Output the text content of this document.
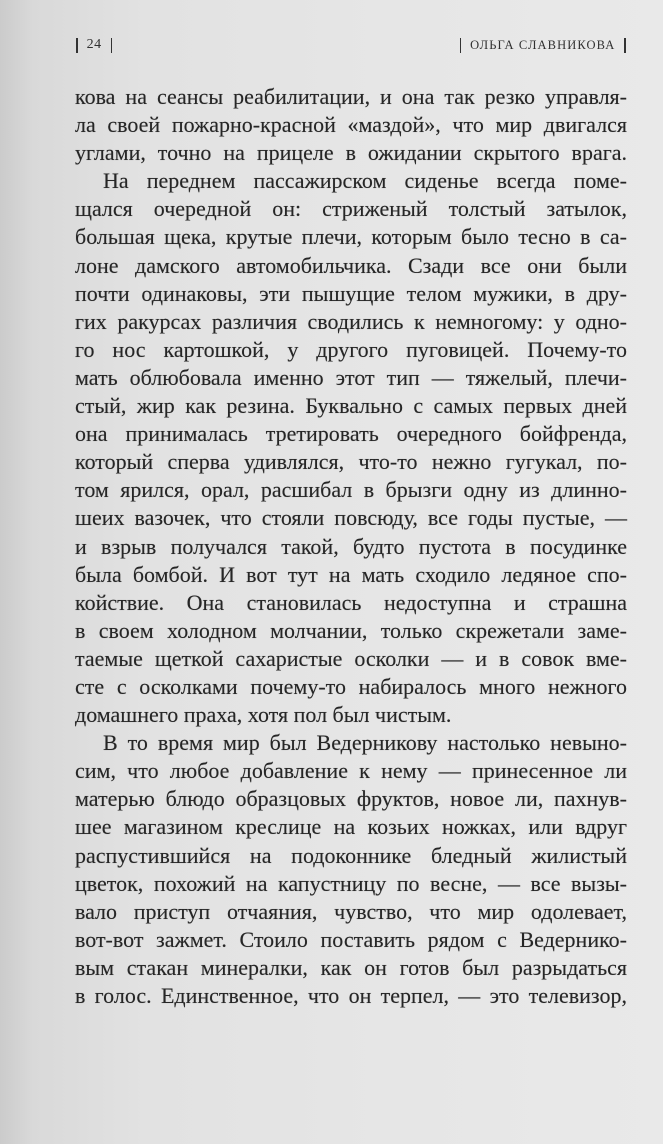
24	ОЛЬГА СЛАВНИКОВА
кова на сеансы реабилитации, и она так резко управля-
ла своей пожарно-красной «маздой», что мир двигался
углами, точно на прицеле в ожидании скрытого врага.
На переднем пассажирском сиденье всегда поме-
щался очередной он: стриженый толстый затылок,
большая щека, крутые плечи, которым было тесно в са-
лоне дамского автомобильчика. Сзади все они были
почти одинаковы, эти пышущие телом мужики, в дру-
гих ракурсах различия сводились к немногому: у одно-
го нос картошкой, у другого пуговицей. Почему-то
мать облюбовала именно этот тип — тяжелый, плечи-
стый, жир как резина. Буквально с самых первых дней
она принималась третировать очередного бойфренда,
который сперва удивлялся, что-то нежно гугукал, по-
том ярился, орал, расшибал в брызги одну из длинно-
шеих вазочек, что стояли повсюду, все годы пустые, —
и взрыв получался такой, будто пустота в посудинке
была бомбой. И вот тут на мать сходило ледяное спо-
койствие. Она становилась недоступна и страшна
в своем холодном молчании, только скрежетали заме-
таемые щеткой сахаристые осколки — и в совок вме-
сте с осколками почему-то набиралось много нежного
домашнего праха, хотя пол был чистым.
В то время мир был Ведерникову настолько невыно-
сим, что любое добавление к нему — принесенное ли
матерью блюдо образцовых фруктов, новое ли, пахнув-
шее магазином креслице на козьих ножках, или вдруг
распустившийся на подоконнике бледный жилистый
цветок, похожий на капустницу по весне, — все вызы-
вало приступ отчаяния, чувство, что мир одолевает,
вот-вот зажмет. Стоило поставить рядом с Ведернико-
вым стакан минералки, как он готов был разрыдаться
в голос. Единственное, что он терпел, — это телевизор,
